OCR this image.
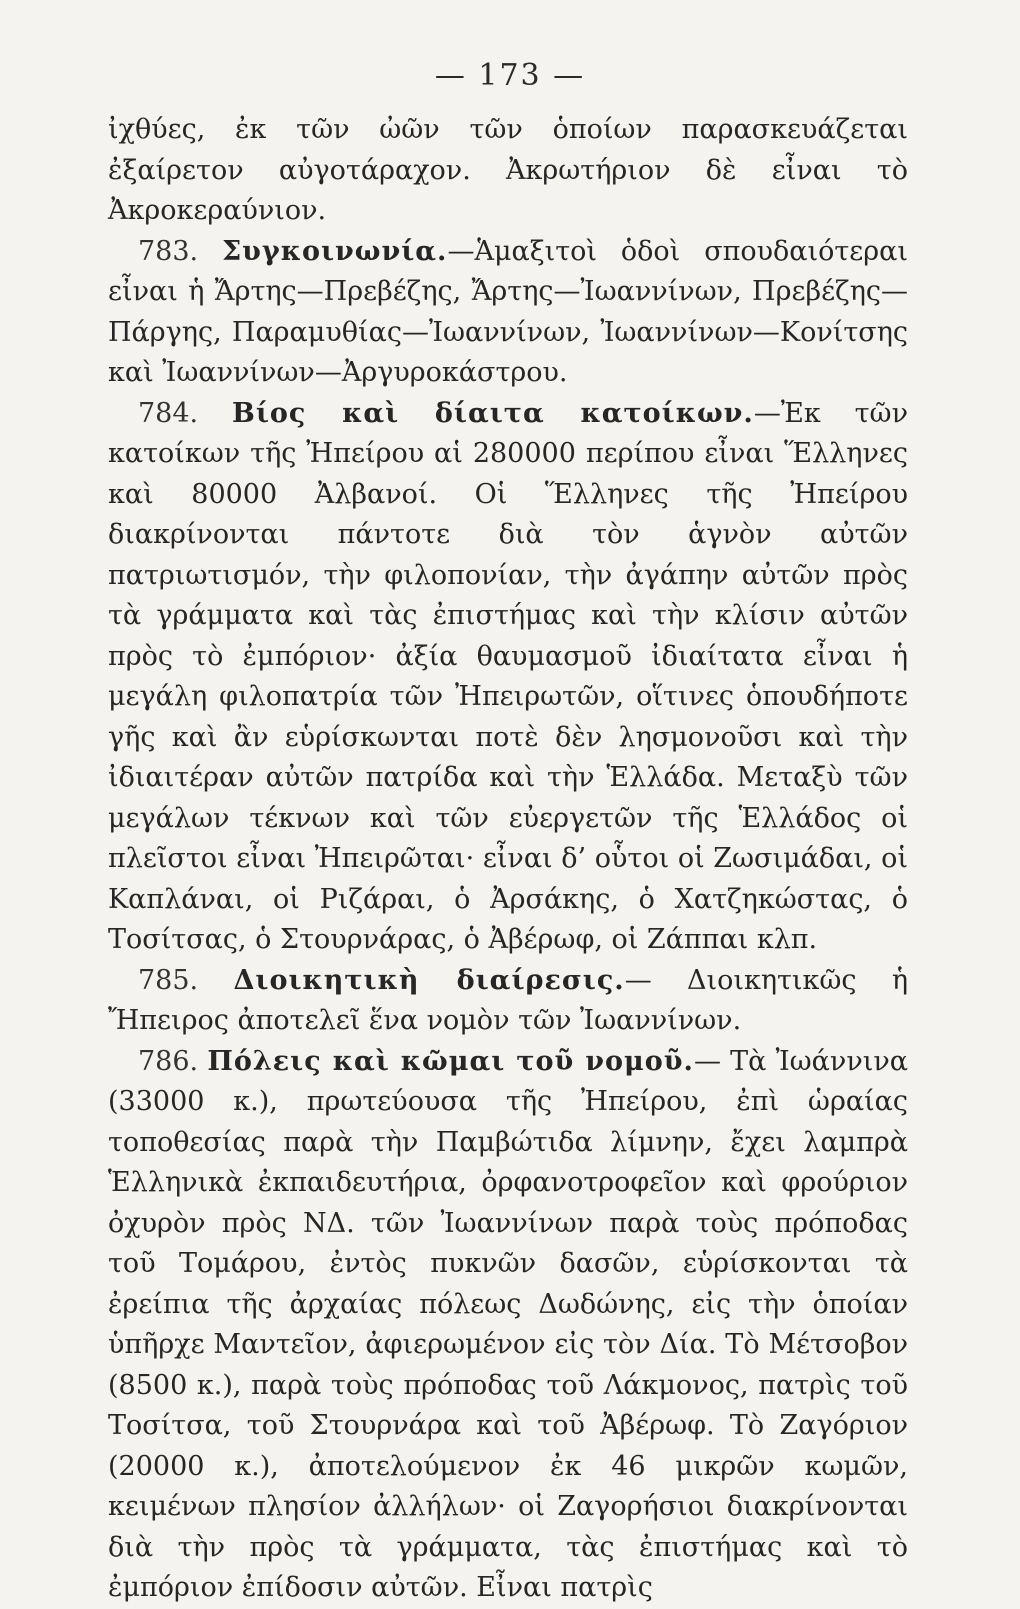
— 173 —

ἰχθύες, ἐκ τῶν ὠῶν τῶν ὁποίων παρασκευάζεται ἐξαίρετον αὐγοτάραχον. Ἀκρωτήριον δὲ εἶναι τὸ Ἀκροκεραύνιον.

783. Συγκοινωνία.—Ἁμαξιτοὶ ὁδοὶ σπουδαιότεραι εἶναι ἡ Ἄρτης—Πρεβέζης, Ἄρτης—Ἰωαννίνων, Πρεβέζης—Πάργης, Παραμυθίας—Ἰωαννίνων, Ἰωαννίνων—Κονίτσης καὶ Ἰωαννίνων—Ἀργυροκάστρου.

784. Βίος καὶ δίαιτα κατοίκων.—Ἐκ τῶν κατοίκων τῆς Ἠπείρου αἱ 280000 περίπου εἶναι Ἕλληνες καὶ 80000 Ἀλβανοί. Οἱ Ἕλληνες τῆς Ἠπείρου διακρίνονται πάντοτε διὰ τὸν ἁγνὸν αὐτῶν πατριωτισμόν, τὴν φιλοπονίαν, τὴν ἀγάπην αὐτῶν πρὸς τὰ γράμματα καὶ τὰς ἐπιστήμας καὶ τὴν κλίσιν αὐτῶν πρὸς τὸ ἐμπόριον· ἀξία θαυμασμοῦ ἰδιαίτατα εἶναι ἡ μεγάλη φιλοπατρία τῶν Ἠπειρωτῶν, οἵτινες ὁπουδήποτε γῆς καὶ ἂν εὑρίσκωνται ποτὲ δὲν λησμονοῦσι καὶ τὴν ἰδιαιτέραν αὐτῶν πατρίδα καὶ τὴν Ἑλλάδα. Μεταξὺ τῶν μεγάλων τέκνων καὶ τῶν εὐεργετῶν τῆς Ἑλλάδος οἱ πλεῖστοι εἶναι Ἠπειρῶται· εἶναι δ’ οὗτοι οἱ Ζωσιμάδαι, οἱ Καπλάναι, οἱ Ριζάραι, ὁ Ἀρσάκης, ὁ Χατζηκώστας, ὁ Τοσίτσας, ὁ Στουρνάρας, ὁ Ἀβέρωφ, οἱ Ζάππαι κλπ.

785. Διοικητικὴ διαίρεσις.— Διοικητικῶς ἡ Ἤπειρος ἀποτελεῖ ἕνα νομὸν τῶν Ἰωαννίνων.

786. Πόλεις καὶ κῶμαι τοῦ νομοῦ.— Τὰ Ἰωάννινα (33000 κ.), πρωτεύουσα τῆς Ἠπείρου, ἐπὶ ὡραίας τοποθεσίας παρὰ τὴν Παμβώτιδα λίμνην, ἔχει λαμπρὰ Ἑλληνικὰ ἐκπαιδευτήρια, ὀρφανοτροφεῖον καὶ φρούριον ὀχυρὸν πρὸς ΝΔ. τῶν Ἰωαννίνων παρὰ τοὺς πρόποδας τοῦ Τομάρου, ἐντὸς πυκνῶν δασῶν, εὑρίσκονται τὰ ἐρείπια τῆς ἀρχαίας πόλεως Δωδώνης, εἰς τὴν ὁποίαν ὑπῆρχε Μαντεῖον, ἀφιερωμένον εἰς τὸν Δία. Τὸ Μέτσοβον (8500 κ.), παρὰ τοὺς πρόποδας τοῦ Λάκμονος, πατρὶς τοῦ Τοσίτσα, τοῦ Στουρνάρα καὶ τοῦ Ἀβέρωφ. Τὸ Ζαγόριον (20000 κ.), ἀποτελούμενον ἐκ 46 μικρῶν κωμῶν, κειμένων πλησίον ἀλλήλων· οἱ Ζαγορήσιοι διακρίνονται διὰ τὴν πρὸς τὰ γράμματα, τὰς ἐπιστήμας καὶ τὸ ἐμπόριον ἐπίδοσιν αὐτῶν. Εἶναι πατρὶς
